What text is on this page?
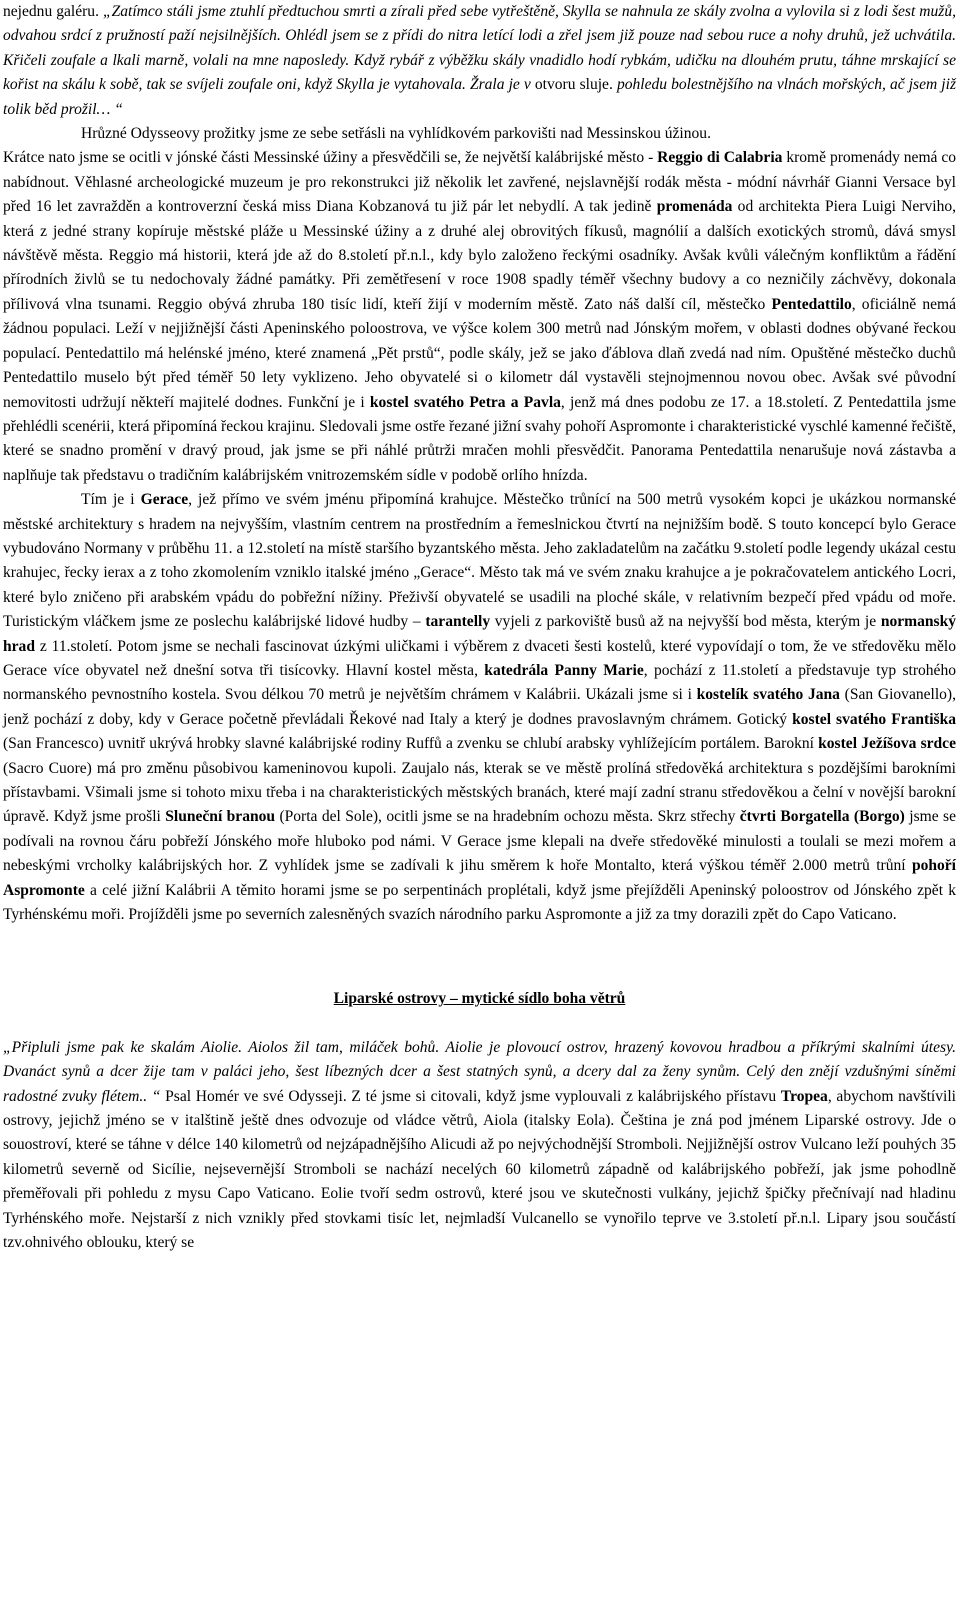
nejednu galéru. „Zatímco stáli jsme ztuhlí předtuchou smrti a zírali před sebe vytřeštěně, Skylla se nahnula ze skály zvolna a vylovila si z lodi šest mužů, odvahou srdcí z pružností paží nejsilnějších. Ohlédl jsem se z přídi do nitra letící lodi a zřel jsem již pouze nad sebou ruce a nohy druhů, jež uchvátila. Křičeli zoufale a lkali marně, volali na mne naposledy. Když rybář z výběžku skály vnadidlo hodí rybkám, udičku na dlouhém prutu, táhne mrskající se kořist na skálu k sobě, tak se svíjeli zoufale oni, když Skylla je vytahovala. Žrala je v otvoru sluje. pohledu bolestnějšího na vlnách mořských, ač jsem již tolik běd prožil… “

Hrůzné Odysseovy prožitky jsme ze sebe setřásli na vyhlídkovém parkovišti nad Messinskou úžinou.

Krátce nato jsme se ocitli v jónské části Messinské úžiny a přesvědčili se, že největší kalábrijské město - Reggio di Calabria kromě promenády nemá co nabídnout. Věhlasné archeologické muzeum je pro rekonstrukci již několik let zavřené, nejslavnější rodák města - módní návrhář Gianni Versace byl před 16 let zavražděn a kontroverzní česká miss Diana Kobzanová tu již pár let nebydlí. A tak jedině promenáda od architekta Piera Luigi Nerviho, která z jedné strany kopíruje městské pláže u Messinské úžiny a z druhé alej obrovitých fíkusů, magnólií a dalších exotických stromů, dává smysl návštěvě města. Reggio má historii, která jde až do 8.století př.n.l., kdy bylo založeno řeckými osadníky. Avšak kvůli válečným konfliktům a řádění přírodních živlů se tu nedochovaly žádné památky. Při zemětřesení v roce 1908 spadly téměř všechny budovy a co nezničily záchvěvy, dokonala přílivová vlna tsunami. Reggio obývá zhruba 180 tisíc lidí, kteří žijí v moderním městě. Zato náš další cíl, městečko Pentedattilo, oficiálně nemá žádnou populaci. Leží v nejjižnější části Apeninského poloostrova, ve výšce kolem 300 metrů nad Jónským mořem, v oblasti dodnes obývané řeckou populací. Pentedattilo má helénské jméno, které znamená „Pět prstů“, podle skály, jež se jako ďáblova dlaň zvedá nad ním. Opuštěné městečko duchů Pentedattilo muselo být před téměř 50 lety vyklizeno. Jeho obyvatelé si o kilometr dál vystavěli stejnojmennou novou obec. Avšak své původní nemovitosti udržují někteří majitelé dodnes. Funkční je i kostel svatého Petra a Pavla, jenž má dnes podobu ze 17. a 18.století. Z Pentedattila jsme přehlédli scenérii, která připomíná řeckou krajinu. Sledovali jsme ostře řezané jižní svahy pohoří Aspromonte i charakteristické vyschlé kamenné řečiště, které se snadno promění v dravý proud, jak jsme se při náhlé průtrži mračen mohli přesvědčit. Panorama Pentedattila nenarušuje nová zástavba a naplňuje tak představu o tradičním kalábrijském vnitrozemském sídle v podobě orlího hnízda.

Tím je i Gerace, jež přímo ve svém jménu připomíná krahujce. Městečko trůnící na 500 metrů vysokém kopci je ukázkou normanské městské architektury s hradem na nejvyšším, vlastním centrem na prostředním a řemeslnickou čtvrtí na nejnižším bodě. S touto koncepcí bylo Gerace vybudováno Normany v průběhu 11. a 12.století na místě staršího byzantského města. Jeho zakladatelům na začátku 9.století podle legendy ukázal cestu krahujec, řecky ierax a z toho zkomolením vzniklo italské jméno „Gerace“. Město tak má ve svém znaku krahujce a je pokračovatelem antického Locri, které bylo zničeno při arabském vpádu do pobřežní nížiny. Přeživší obyvatelé se usadili na ploché skále, v relativním bezpečí před vpádu od moře. Turistickým vláčkem jsme ze poslechu kalábrijské lidové hudby – tarantelly vyjeli z parkoviště busů až na nejvyšší bod města, kterým je normanský hrad z 11.století. Potom jsme se nechali fascinovat úzkými uličkami i výběrem z dvaceti šesti kostelů, které vypovídají o tom, že ve středověku mělo Gerace více obyvatel než dnešní sotva tři tisícovky. Hlavní kostel města, katedrála Panny Marie, pochází z 11.století a představuje typ strohého normanského pevnostního kostela. Svou délkou 70 metrů je největším chrámem v Kalábrii. Ukázali jsme si i kostelík svatého Jana (San Giovanello), jenž pochází z doby, kdy v Gerace početně převládali Řekové nad Italy a který je dodnes pravoslavným chrámem. Gotický kostel svatého Františka (San Francesco) uvnitř ukrývá hrobky slavné kalábrijské rodiny Ruffů a zvenku se chlubí arabsky vyhlížejícím portálem. Barokní kostel Ježíšova srdce (Sacro Cuore) má pro změnu působivou kameninovou kupoli. Zaujalo nás, kterak se ve městě prolíná středověká architektura s pozdějšími barokními přístavbami. Všimali jsme si tohoto mixu třeba i na charakteristických městských branách, které mají zadní stranu středověkou a čelní v novější barokní úpravě. Když jsme prošli Sluneční branou (Porta del Sole), ocitli jsme se na hradebním ochozu města. Skrz střechy čtvrti Borgatella (Borgo) jsme se podívali na rovnou čáru pobřeží Jónského moře hluboko pod námi. V Gerace jsme klepali na dveře středověké minulosti a toulali se mezi mořem a nebeskými vrcholky kalábrijských hor. Z vyhlídek jsme se zadívali k jihu směrem k hoře Montalto, která výškou téměř 2.000 metrů trůní pohoří Aspromonte a celé jižní Kalábrii A těmito horami jsme se po serpentinách proplétali, když jsme přejížděli Apeninský poloostrov od Jónského zpět k Tyrhénskému moři. Projížděli jsme po severních zalesněných svazích národního parku Aspromonte a již za tmy dorazili zpět do Capo Vaticano.

Liparské ostrovy – mytické sídlo boha větrů

„Připluli jsme pak ke skalám Aiolie. Aiolos žil tam, miláček bohů. Aiolie je plovoucí ostrov, hrazený kovovou hradbou a příkrými skalními útesy. Dvanáct synů a dcer žije tam v paláci jeho, šest líbezných dcer a šest statných synů, a dcery dal za ženy synům. Celý den znějí vzdušnými síněmi radostné zvuky flétem.. “ Psal Homér ve své Odysseji. Z té jsme si citovali, když jsme vyplouvali z kalábrijského přístavu Tropea, abychom navštívili ostrovy, jejichž jméno se v italštině ještě dnes odvozuje od vládce větrů, Aiola (italsky Eola). Čeština je zná pod jménem Liparské ostrovy. Jde o souostroví, které se táhne v délce 140 kilometrů od nejzápadnějšího Alicudi až po nejvýchodnější Stromboli. Nejjižnější ostrov Vulcano leží pouhých 35 kilometrů severně od Sicílie, nejsevernější Stromboli se nachází necelých 60 kilometrů západně od kalábrijského pobřeží, jak jsme pohodlně přeměřovali při pohledu z mysu Capo Vaticano. Eolie tvoří sedm ostrovů, které jsou ve skutečnosti vulkány, jejichž špičky přečnívají nad hladinu Tyrhénského moře. Nejstarší z nich vznikly před stovkami tisíc let, nejmladší Vulcanello se vynořilo teprve ve 3.století př.n.l. Lipary jsou součástí tzv.ohnivého oblouku, který se
